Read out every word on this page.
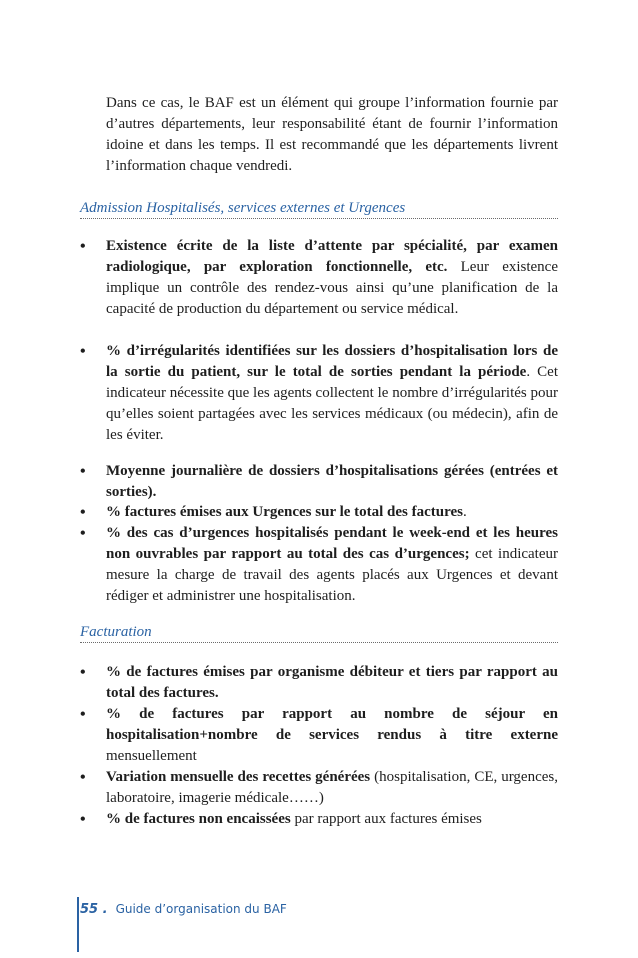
Dans ce cas, le BAF est un élément qui groupe l’information fournie par d’autres départements, leur responsabilité étant de fournir l’information idoine et dans les temps. Il est recommandé que les départements livrent l’information chaque vendredi.

Admission Hospitalisés, services externes et Urgences
•	Existence écrite de la liste d’attente par spécialité, par examen radiologique, par exploration fonctionnelle, etc. Leur existence implique un contrôle des rendez-vous ainsi qu’une planification de la capacité de production du département ou service médical.

•	% d’irrégularités identifiées sur les dossiers d’hospitalisation lors de la sortie du patient, sur le total de sorties pendant la période. Cet indicateur nécessite que les agents collectent le nombre d’irrégularités pour qu’elles soient partagées avec les services médicaux (ou médecin), afin de les éviter.

•	Moyenne journalière de dossiers d’hospitalisations gérées (entrées et sorties).

•	% factures émises aux Urgences sur le total des factures.

•	% des cas d’urgences hospitalisés pendant le week-end et les heures non ouvrables par rapport au total des cas d’urgences; cet indicateur mesure la charge de travail des agents placés aux Urgences et devant rédiger et administrer une hospitalisation.

Facturation
•	% de factures émises par organisme débiteur et tiers par rapport au total des factures.

•	% de factures par rapport au nombre de séjour en hospitalisation+nombre de services rendus à titre externe mensuellement

•	Variation mensuelle des recettes générées (hospitalisation, CE, urgences, laboratoire, imagerie médicale……)

•	% de factures non encaissées par rapport aux factures émises

55 . Guide d’organisation du BAF
